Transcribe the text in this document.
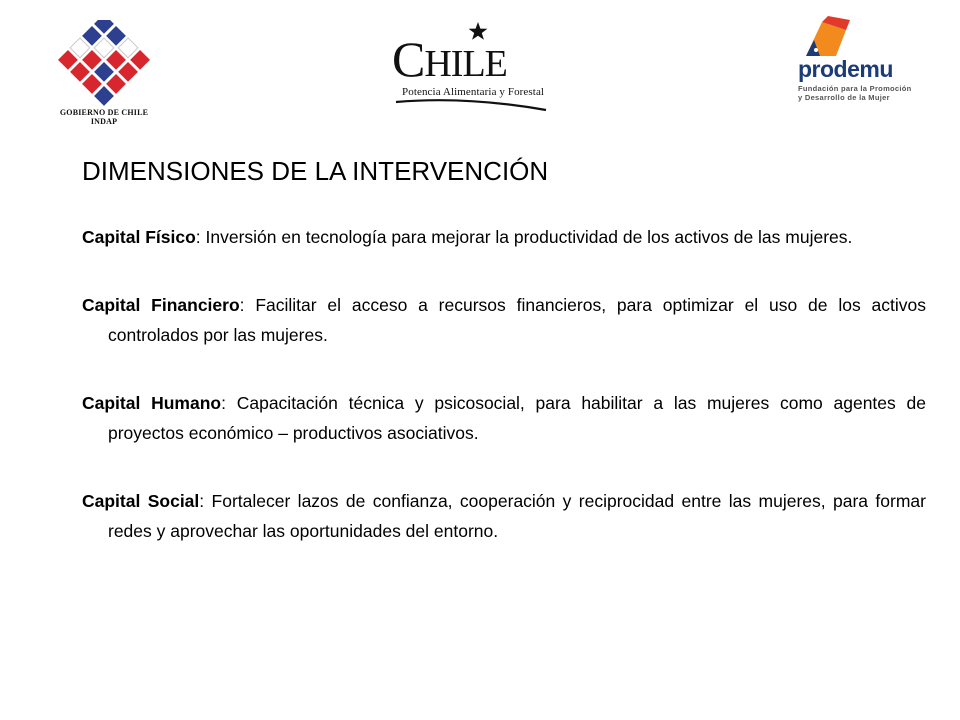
GOBIERNO DE CHILE
INDAP
CHILE
Potencia Alimentaria y Forestal
prodemu
Fundación para la Promoción
y Desarrollo de la Mujer
DIMENSIONES DE LA INTERVENCIÓN

Capital Físico: Inversión en tecnología para mejorar la productividad de los activos de las mujeres.

Capital Financiero: Facilitar el acceso a recursos financieros, para optimizar el uso de los activos controlados por las mujeres.

Capital Humano: Capacitación técnica y psicosocial, para habilitar a las mujeres como agentes de proyectos económico – productivos asociativos.

Capital Social: Fortalecer lazos de confianza, cooperación y reciprocidad entre las mujeres, para formar redes y aprovechar las oportunidades del entorno.
